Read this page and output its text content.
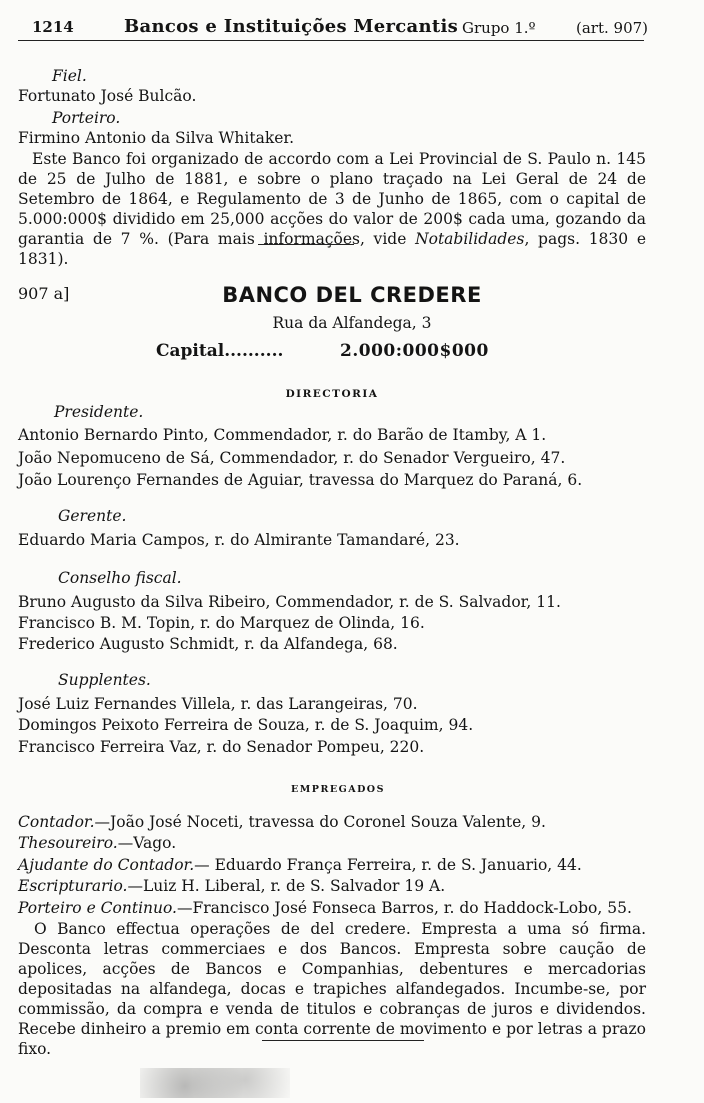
1214	Bancos e Instituições Mercantis Grupo 1.º	(art. 907)
Fiel.
Fortunato José Bulcão.
Porteiro.
Firmino Antonio da Silva Whitaker.
Este Banco foi organizado de accordo com a Lei Provincial de S. Paulo n. 145 de 25 de Julho de 1881, e sobre o plano traçado na Lei Geral de 24 de Setembro de 1864, e Regulamento de 3 de Junho de 1865, com o capital de 5.000:000$ dividido em 25,000 acções do valor de 200$ cada uma, gozando da garantia de 7 %. (Para mais informações, vide Notabilidades, pags. 1830 e 1831).
907 a]	BANCO DEL CREDERE
Rua da Alfandega, 3
Capital..........	2.000:000$000
DIRECTORIA
Presidente.
Antonio Bernardo Pinto, Commendador, r. do Barão de Itamby, A 1.
João Nepomuceno de Sá, Commendador, r. do Senador Vergueiro, 47.
João Lourenço Fernandes de Aguiar, travessa do Marquez do Paraná, 6.
Gerente.
Eduardo Maria Campos, r. do Almirante Tamandaré, 23.
Conselho fiscal.
Bruno Augusto da Silva Ribeiro, Commendador, r. de S. Salvador, 11.
Francisco B. M. Topin, r. do Marquez de Olinda, 16.
Frederico Augusto Schmidt, r. da Alfandega, 68.
Supplentes.
José Luiz Fernandes Villela, r. das Larangeiras, 70.
Domingos Peixoto Ferreira de Souza, r. de S. Joaquim, 94.
Francisco Ferreira Vaz, r. do Senador Pompeu, 220.
EMPREGADOS
Contador.—João José Noceti, travessa do Coronel Souza Valente, 9.
Thesoureiro.—Vago.
Ajudante do Contador.— Eduardo França Ferreira, r. de S. Januario, 44.
Escripturario.—Luiz H. Liberal, r. de S. Salvador 19 A.
Porteiro e Continuo.—Francisco José Fonseca Barros, r. do Haddock-Lobo, 55.
O Banco effectua operações de del credere. Empresta a uma só firma. Desconta letras commerciaes e dos Bancos. Empresta sobre caução de apolices, acções de Bancos e Companhias, debentures e mercadorias depositadas na alfandega, docas e trapiches alfandegados. Incumbe-se, por commissão, da compra e venda de titulos e cobranças de juros e dividendos. Recebe dinheiro a premio em conta corrente de movimento e por letras a prazo fixo.
